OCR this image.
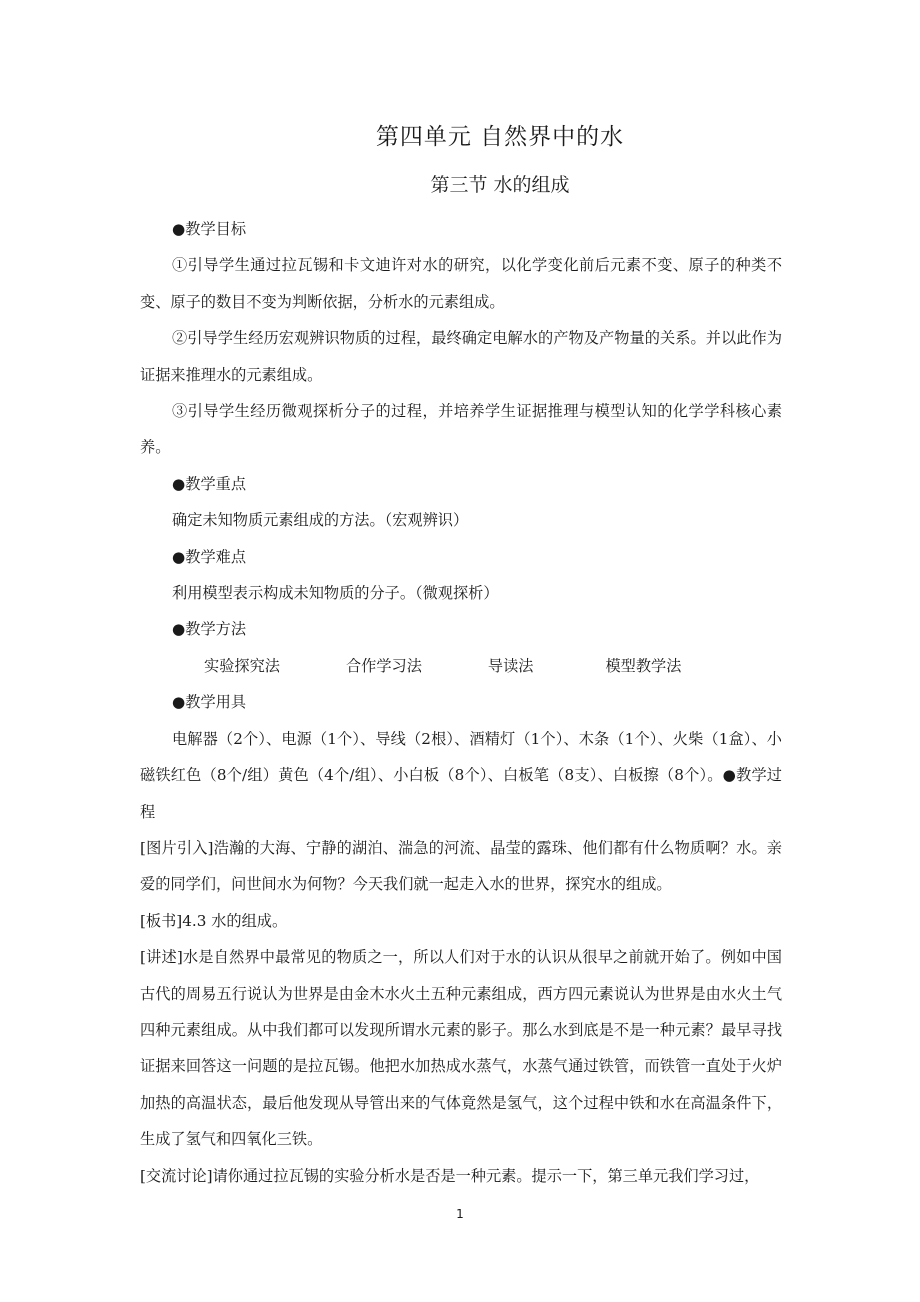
第四单元 自然界中的水
第三节 水的组成

●教学目标

①引导学生通过拉瓦锡和卡文迪许对水的研究，以化学变化前后元素不变、原子的种类不变、原子的数目不变为判断依据，分析水的元素组成。

②引导学生经历宏观辨识物质的过程，最终确定电解水的产物及产物量的关系。并以此作为证据来推理水的元素组成。

③引导学生经历微观探析分子的过程，并培养学生证据推理与模型认知的化学学科核心素养。

●教学重点

确定未知物质元素组成的方法。（宏观辨识）

●教学难点

利用模型表示构成未知物质的分子。（微观探析）

●教学方法

实验探究法	合作学习法	导读法	模型教学法

●教学用具

电解器（2个）、电源（1个）、导线（2根）、酒精灯（1个）、木条（1个）、火柴（1盒）、小磁铁红色（8个/组）黄色（4个/组）、小白板（8个）、白板笔（8支）、白板擦（8个）。●教学过程

[图片引入]浩瀚的大海、宁静的湖泊、湍急的河流、晶莹的露珠、他们都有什么物质啊？水。亲爱的同学们，问世间水为何物？今天我们就一起走入水的世界，探究水的组成。

[板书]4.3 水的组成。

[讲述]水是自然界中最常见的物质之一，所以人们对于水的认识从很早之前就开始了。例如中国古代的周易五行说认为世界是由金木水火土五种元素组成，西方四元素说认为世界是由水火土气四种元素组成。从中我们都可以发现所谓水元素的影子。那么水到底是不是一种元素？最早寻找证据来回答这一问题的是拉瓦锡。他把水加热成水蒸气，水蒸气通过铁管，而铁管一直处于火炉加热的高温状态，最后他发现从导管出来的气体竟然是氢气，这个过程中铁和水在高温条件下，生成了氢气和四氧化三铁。

[交流讨论]请你通过拉瓦锡的实验分析水是否是一种元素。提示一下，第三单元我们学习过，

1
